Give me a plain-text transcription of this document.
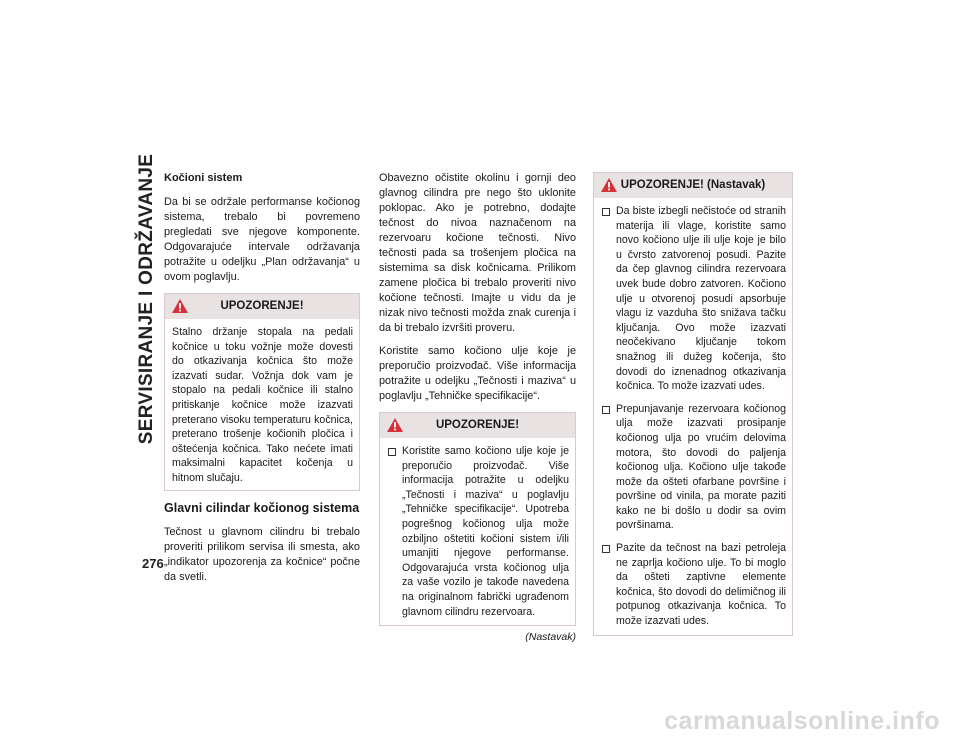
SERVISIRANJE I ODRŽAVANJE
276
Kočioni sistem

Da bi se održale performanse kočionog sistema, trebalo bi povremeno pregledati sve njegove komponente. Odgovarajuće intervale održavanja potražite u odeljku „Plan održavanja“ u ovom poglavlju.

UPOZORENJE!

Stalno držanje stopala na pedali kočnice u toku vožnje može dovesti do otkazivanja kočnica što može izazvati sudar. Vožnja dok vam je stopalo na pedali kočnice ili stalno pritiskanje kočnice može izazvati preterano visoku temperaturu kočnica, preterano trošenje kočionih pločica i oštećenja kočnica. Tako nećete imati maksimalni kapacitet kočenja u hitnom slučaju.

Glavni cilindar kočionog sistema

Tečnost u glavnom cilindru bi trebalo proveriti prilikom servisa ili smesta, ako „indikator upozorenja za kočnice“ počne da svetli.

Obavezno očistite okolinu i gornji deo glavnog cilindra pre nego što uklonite poklopac. Ako je potrebno, dodajte tečnost do nivoa naznačenom na rezervoaru kočione tečnosti. Nivo tečnosti pada sa trošenjem pločica na sistemima sa disk kočnicama. Prilikom zamene pločica bi trebalo proveriti nivo kočione tečnosti. Imajte u vidu da je nizak nivo tečnosti možda znak curenja i da bi trebalo izvršiti proveru.

Koristite samo kočiono ulje koje je preporučio proizvođač. Više informacija potražite u odeljku „Tečnosti i maziva“ u poglavlju „Tehničke specifikacije“.

UPOZORENJE!
Koristite samo kočiono ulje koje je preporučio proizvođač. Više informacija potražite u odeljku „Tečnosti i maziva“ u poglavlju „Tehničke specifikacije“. Upotreba pogrešnog kočionog ulja može ozbiljno oštetiti kočioni sistem i/ili umanjiti njegove performanse. Odgovarajuća vrsta kočionog ulja za vaše vozilo je takođe navedena na originalnom fabrički ugrađenom glavnom cilindru rezervoara.
(Nastavak)
UPOZORENJE! (Nastavak)
Da biste izbegli nečistoće od stranih materija ili vlage, koristite samo novo kočiono ulje ili ulje koje je bilo u čvrsto zatvorenoj posudi. Pazite da čep glavnog cilindra rezervoara uvek bude dobro zatvoren. Kočiono ulje u otvorenoj posudi apsorbuje vlagu iz vazduha što snižava tačku ključanja. Ovo može izazvati neočekivano ključanje tokom snažnog ili dužeg kočenja, što dovodi do iznenadnog otkazivanja kočnica. To može izazvati udes.
Prepunjavanje rezervoara kočionog ulja može izazvati prosipanje kočionog ulja po vrućim delovima motora, što dovodi do paljenja kočionog ulja. Kočiono ulje takođe može da ošteti ofarbane površine i površine od vinila, pa morate paziti kako ne bi došlo u dodir sa ovim površinama.
Pazite da tečnost na bazi petroleja ne zaprlja kočiono ulje. To bi moglo da ošteti zaptivne elemente kočnica, što dovodi do delimičnog ili potpunog otkazivanja kočnica. To može izazvati udes.
carmanualsonline.info
